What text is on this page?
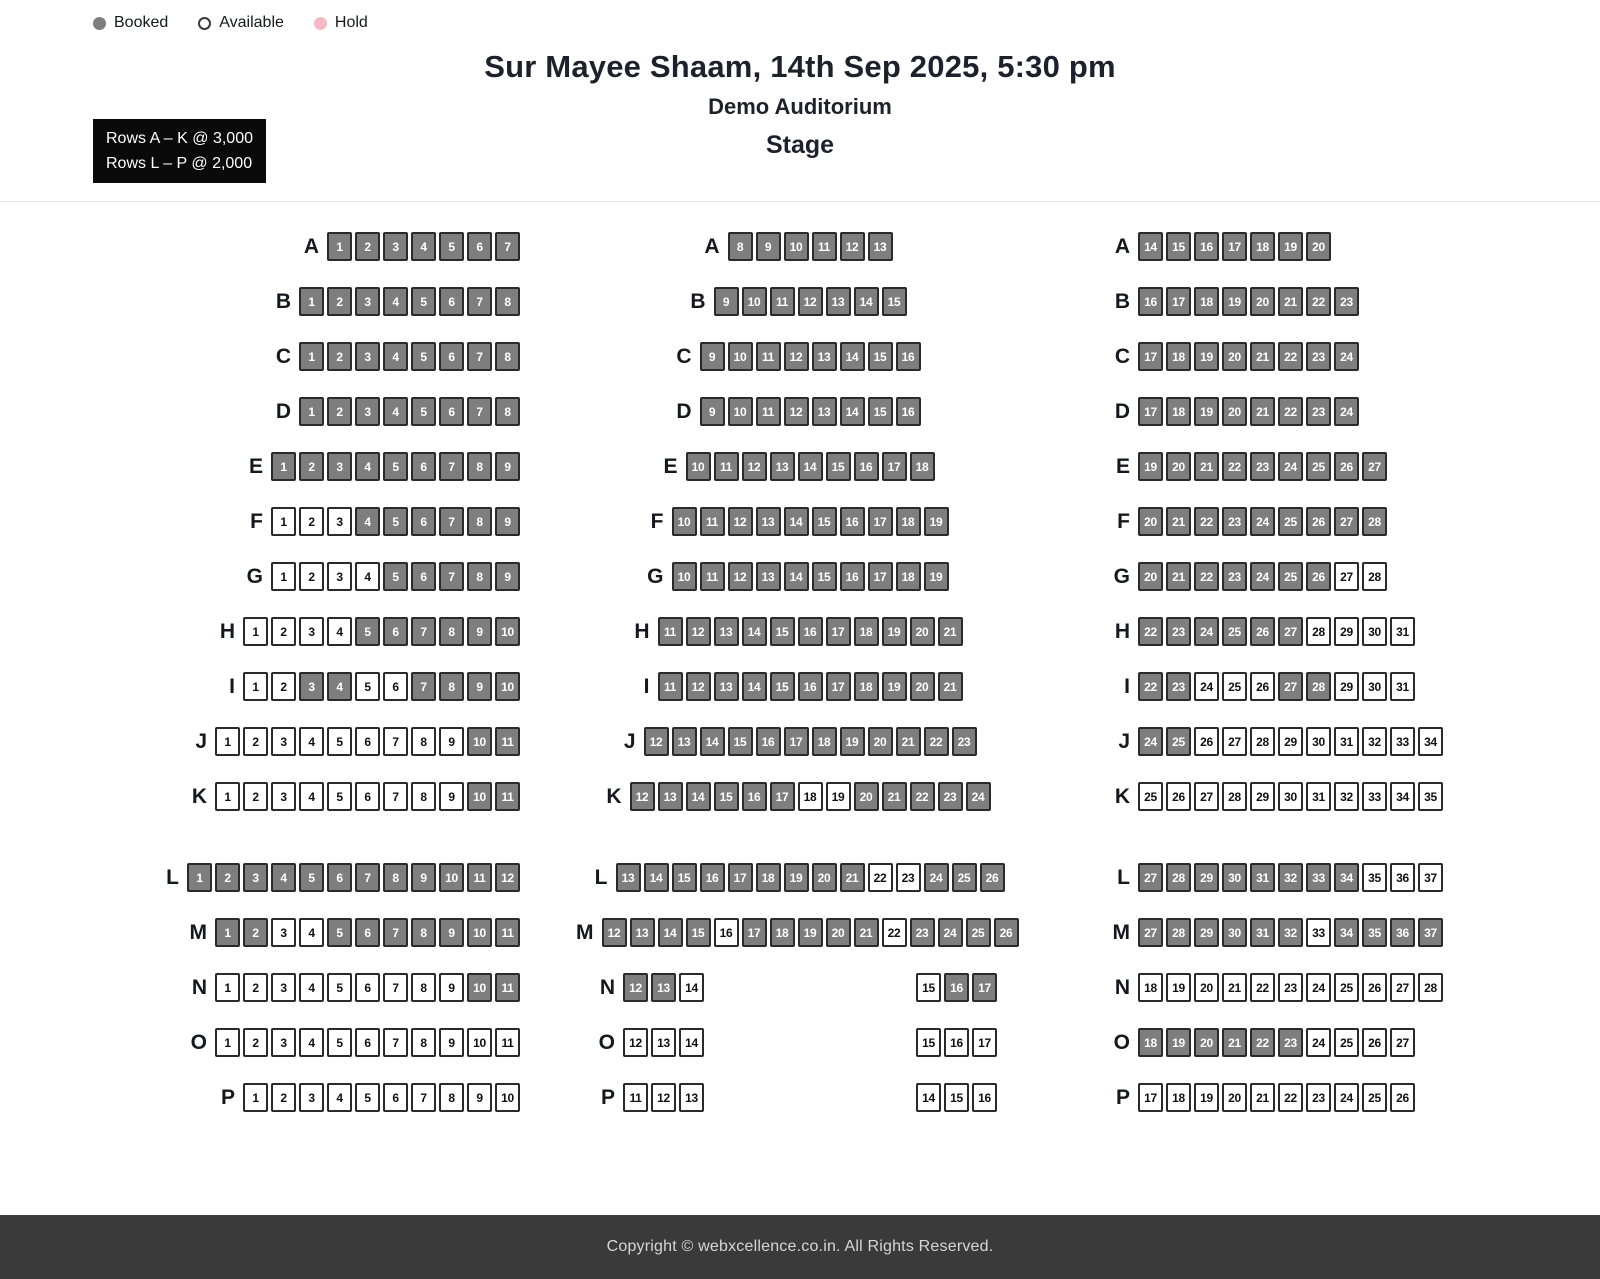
Booked	Available	Hold
Sur Mayee Shaam, 14th Sep 2025, 5:30 pm
Demo Auditorium
Stage
Rows A – K @ 3,000
Rows L – P @ 2,000
A	1	2	3	4	5	6	7
B	1	2	3	4	5	6	7	8
C	1	2	3	4	5	6	7	8
D	1	2	3	4	5	6	7	8
E	1	2	3	4	5	6	7	8	9
F	1	2	3	4	5	6	7	8	9
G	1	2	3	4	5	6	7	8	9
H	1	2	3	4	5	6	7	8	9	10
I	1	2	3	4	5	6	7	8	9	10
J	1	2	3	4	5	6	7	8	9	10	11
K	1	2	3	4	5	6	7	8	9	10	11
L	1	2	3	4	5	6	7	8	9	10	11	12
M	1	2	3	4	5	6	7	8	9	10	11
N	1	2	3	4	5	6	7	8	9	10	11
O	1	2	3	4	5	6	7	8	9	10	11
P	1	2	3	4	5	6	7	8	9	10
A	8	9	10	11	12	13
B	9	10	11	12	13	14	15
C	9	10	11	12	13	14	15	16
D	9	10	11	12	13	14	15	16
E	10	11	12	13	14	15	16	17	18
F	10	11	12	13	14	15	16	17	18	19
G	10	11	12	13	14	15	16	17	18	19
H	11	12	13	14	15	16	17	18	19	20	21
I	11	12	13	14	15	16	17	18	19	20	21
J	12	13	14	15	16	17	18	19	20	21	22	23
K	12	13	14	15	16	17	18	19	20	21	22	23	24
L	13	14	15	16	17	18	19	20	21	22	23	24	25	26
M	12	13	14	15	16	17	18	19	20	21	22	23	24	25	26
N	12	13	14	15	16	17
O	12	13	14	15	16	17
P	11	12	13	14	15	16
A	14	15	16	17	18	19	20
B	16	17	18	19	20	21	22	23
C	17	18	19	20	21	22	23	24
D	17	18	19	20	21	22	23	24
E	19	20	21	22	23	24	25	26	27
F	20	21	22	23	24	25	26	27	28
G	20	21	22	23	24	25	26	27	28
H	22	23	24	25	26	27	28	29	30	31
I	22	23	24	25	26	27	28	29	30	31
J	24	25	26	27	28	29	30	31	32	33	34
K	25	26	27	28	29	30	31	32	33	34	35
L	27	28	29	30	31	32	33	34	35	36	37
M	27	28	29	30	31	32	33	34	35	36	37
N	18	19	20	21	22	23	24	25	26	27	28
O	18	19	20	21	22	23	24	25	26	27
P	17	18	19	20	21	22	23	24	25	26
Copyright © webxcellence.co.in. All Rights Reserved.
